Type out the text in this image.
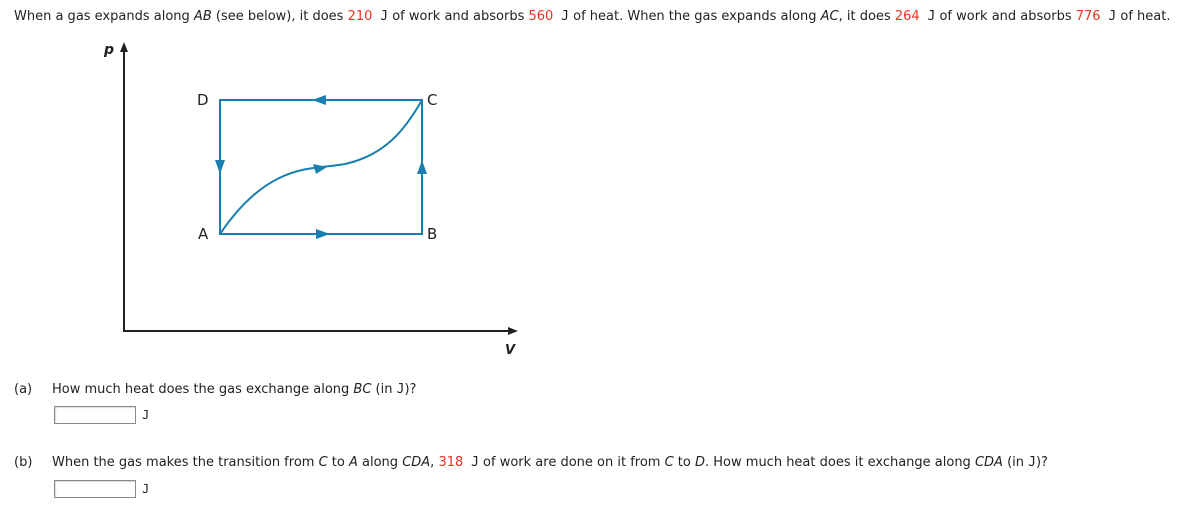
When a gas expands along AB (see below), it does 210 J of work and absorbs 560 J of heat. When the gas expands along AC, it does 264 J of work and absorbs 776 J of heat.
p
V
D	C
A	B
(a) How much heat does the gas exchange along BC (in J)?
J
(b) When the gas makes the transition from C to A along CDA, 318 J of work are done on it from C to D. How much heat does it exchange along CDA (in J)?
J
